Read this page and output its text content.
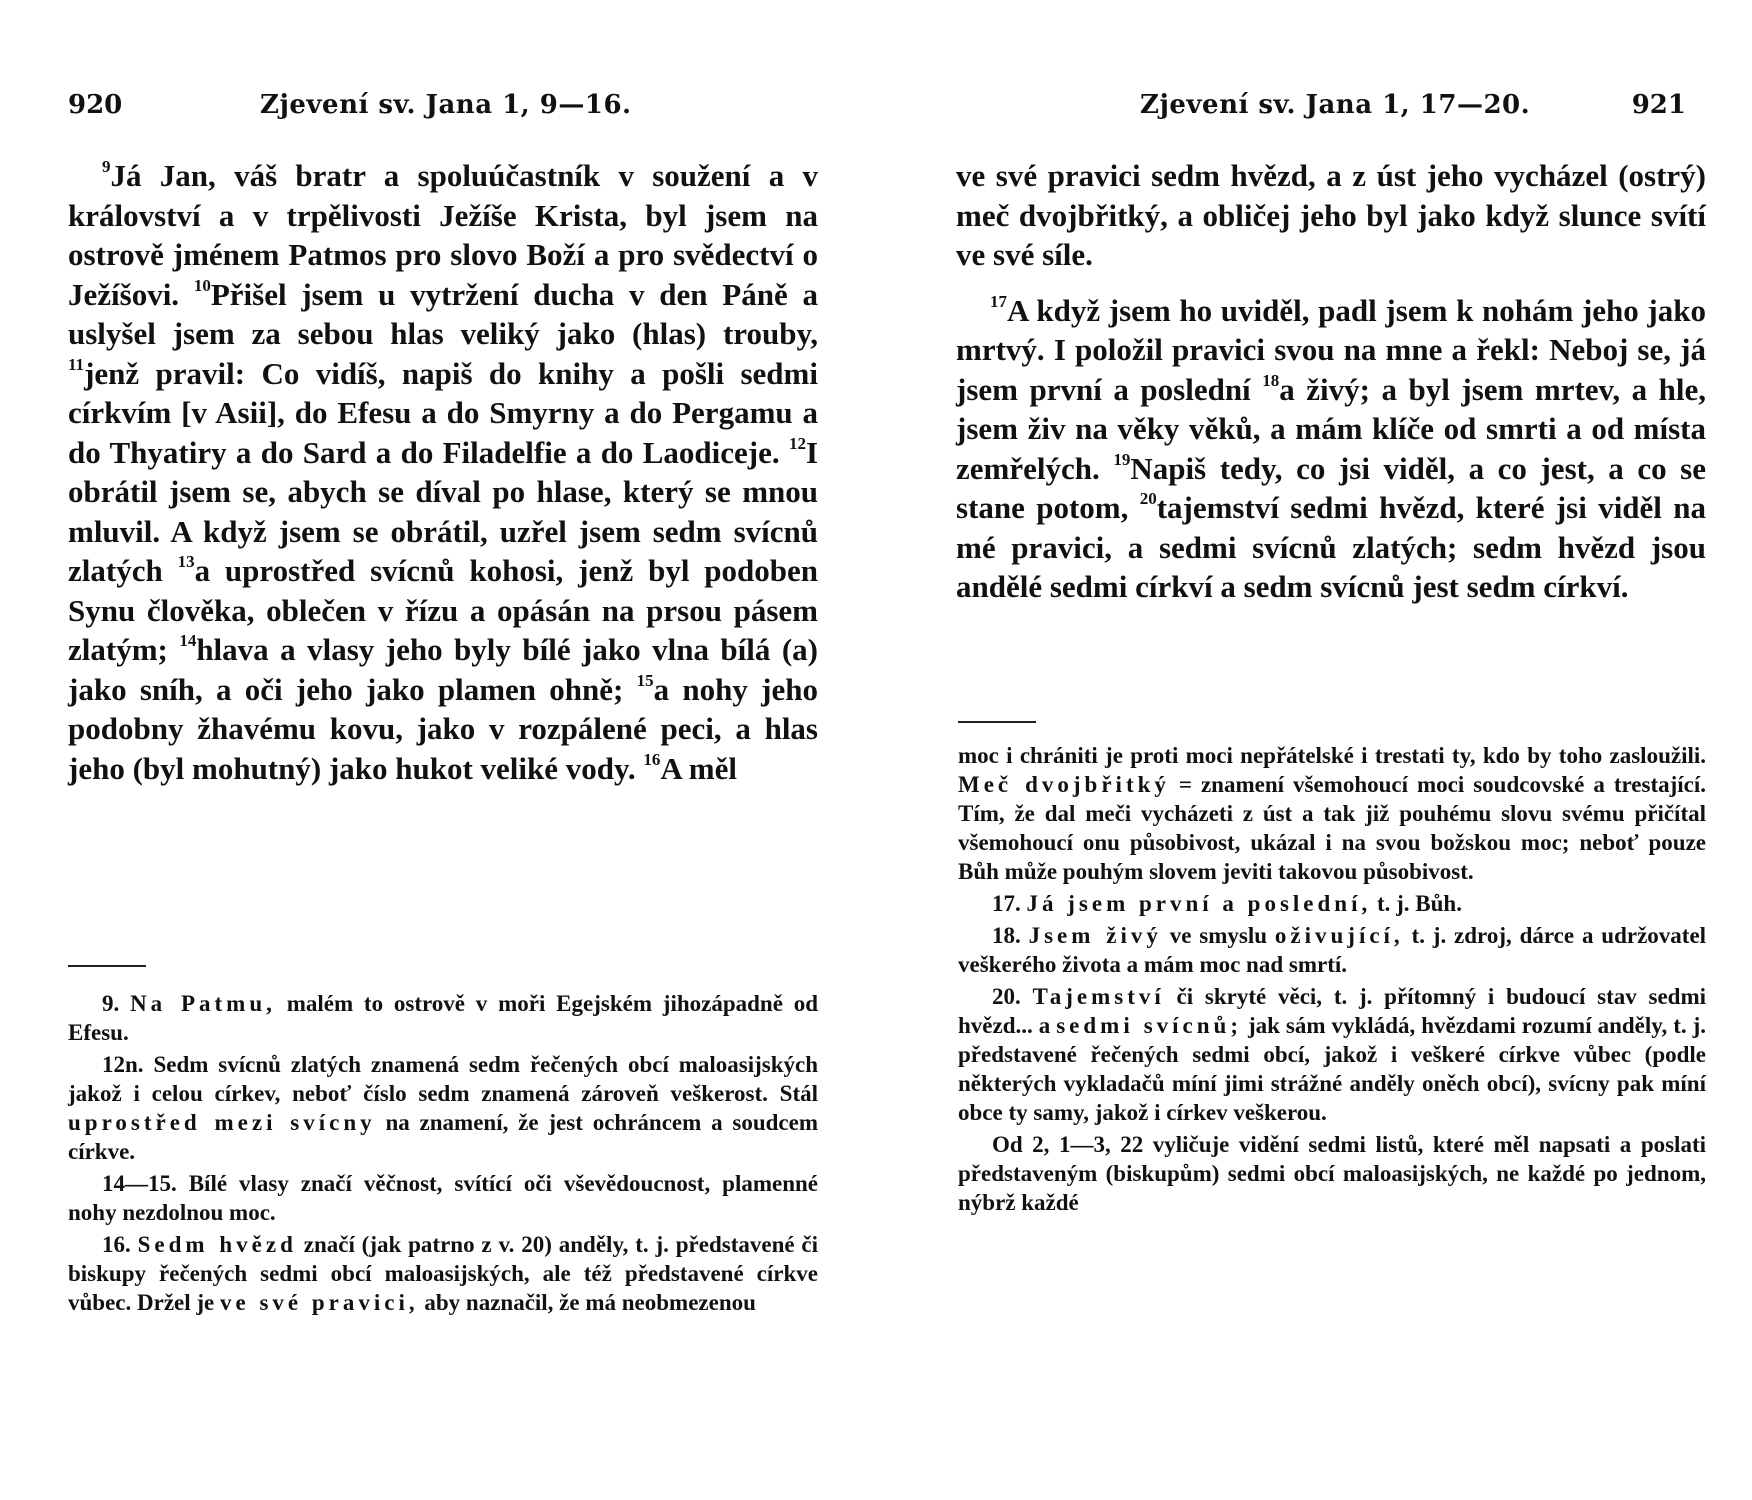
920	Zjevení sv. Jana 1, 9—16.

$^9$Já Jan, váš bratr a spoluúčastník v soužení a v království a v trpělivosti Ježíše Krista, byl jsem na ostrově jménem Patmos pro slovo Boží a pro svědectví o Ježíšovi. $^{10}$Přišel jsem u vytržení ducha v den Páně a uslyšel jsem za sebou hlas veliký jako (hlas) trouby, $^{11}$jenž pravil: Co vidíš, napiš do knihy a pošli sedmi církvím [v Asii], do Efesu a do Smyrny a do Pergamu a do Thyatiry a do Sard a do Filadelfie a do Laodiceje. $^{12}$I obrátil jsem se, abych se díval po hlase, který se mnou mluvil. A když jsem se obrátil, uzřel jsem sedm svícnů zlatých $^{13}$a uprostřed svícnů kohosi, jenž byl podoben Synu člověka, oblečen v řízu a opásán na prsou pásem zlatým; $^{14}$hlava a vlasy jeho byly bílé jako vlna bílá (a) jako sníh, a oči jeho jako plamen ohně; $^{15}$a nohy jeho podobny žhavému kovu, jako v rozpálené peci, a hlas jeho (byl mohutný) jako hukot veliké vody. $^{16}$A měl

9. Na Patmu, malém to ostrově v moři Egejském jihozápadně od Efesu.

12n. Sedm svícnů zlatých znamená sedm řečených obcí maloasijských jakož i celou církev, neboť číslo sedm znamená zároveň veškerost. Stál uprostřed mezi svícny na znamení, že jest ochráncem a soudcem církve.

14—15. Bílé vlasy značí věčnost, svítící oči vševědoucnost, plamenné nohy nezdolnou moc.

16. Sedm hvězd značí (jak patrno z v. 20) anděly, t. j. představené či biskupy řečených sedmi obcí maloasijských, ale též představené církve vůbec. Držel je ve své pravici, aby naznačil, že má neobmezenou

Zjevení sv. Jana 1, 17—20.	921

ve své pravici sedm hvězd, a z úst jeho vycházel (ostrý) meč dvojbřitký, a obličej jeho byl jako když slunce svítí ve své síle.

$^{17}$A když jsem ho uviděl, padl jsem k nohám jeho jako mrtvý. I položil pravici svou na mne a řekl: Neboj se, já jsem první a poslední $^{18}$a živý; a byl jsem mrtev, a hle, jsem živ na věky věků, a mám klíče od smrti a od místa zemřelých. $^{19}$Napiš tedy, co jsi viděl, a co jest, a co se stane potom, $^{20}$tajemství sedmi hvězd, které jsi viděl na mé pravici, a sedmi svícnů zlatých; sedm hvězd jsou andělé sedmi církví a sedm svícnů jest sedm církví.

moc i chrániti je proti moci nepřátelské i trestati ty, kdo by toho zasloužili. Meč dvojbřitký = znamení všemohoucí moci soudcovské a trestající. Tím, že dal meči vycházeti z úst a tak již pouhému slovu svému přičítal všemohoucí onu působivost, ukázal i na svou božskou moc; neboť pouze Bůh může pouhým slovem jeviti takovou působivost.

17. Já jsem první a poslední, t. j. Bůh.

18. Jsem živý ve smyslu oživující, t. j. zdroj, dárce a udržovatel veškerého života a mám moc nad smrtí.

20. Tajemství či skryté věci, t. j. přítomný i budoucí stav sedmi hvězd... a sedmi svícnů; jak sám vykládá, hvězdami rozumí anděly, t. j. představené řečených sedmi obcí, jakož i veškeré církve vůbec (podle některých vykladačů míní jimi strážné anděly oněch obcí), svícny pak míní obce ty samy, jakož i církev veškerou.

Od 2, 1—3, 22 vyličuje vidění sedmi listů, které měl napsati a poslati představeným (biskupům) sedmi obcí maloasijských, ne každé po jednom, nýbrž každé
